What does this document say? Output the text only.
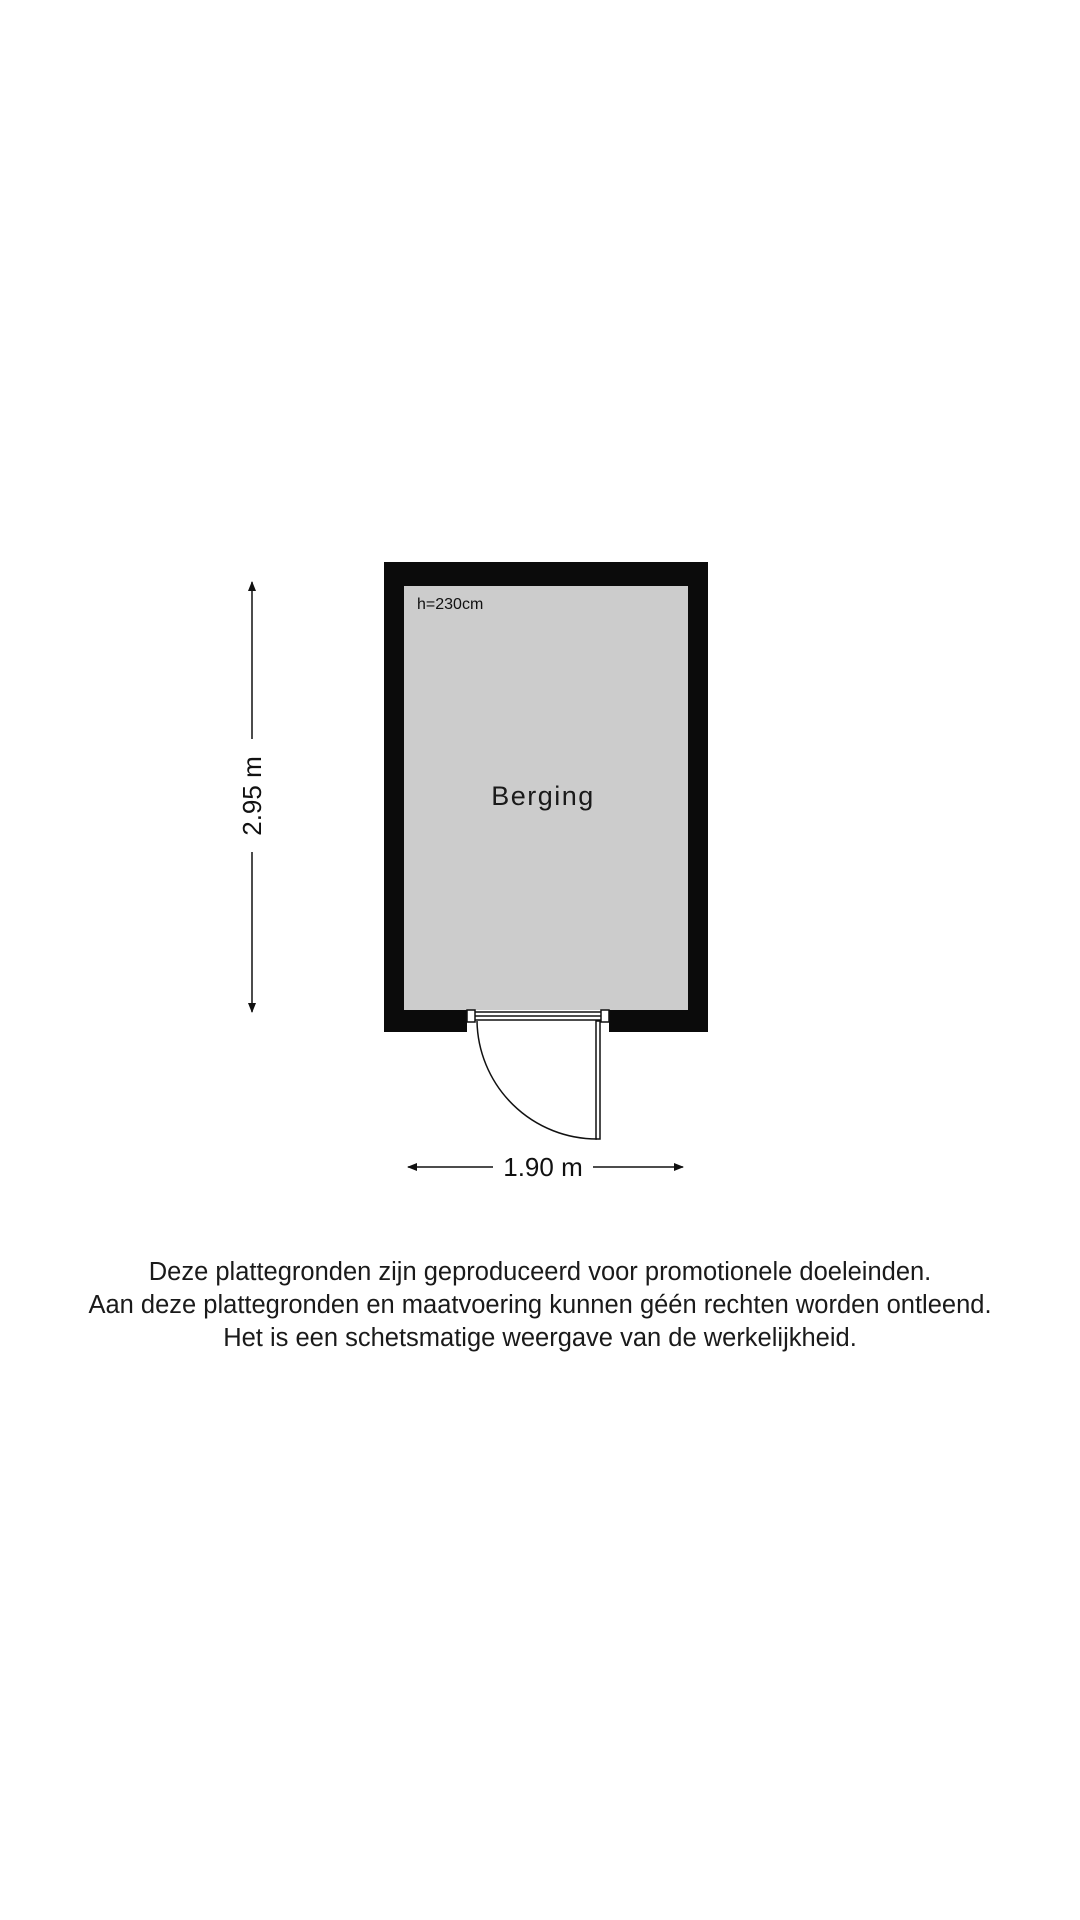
h=230cm
Berging
2.95 m
1.90 m
Deze plattegronden zijn geproduceerd voor promotionele doeleinden.
Aan deze plattegronden en maatvoering kunnen géén rechten worden ontleend.
Het is een schetsmatige weergave van de werkelijkheid.
